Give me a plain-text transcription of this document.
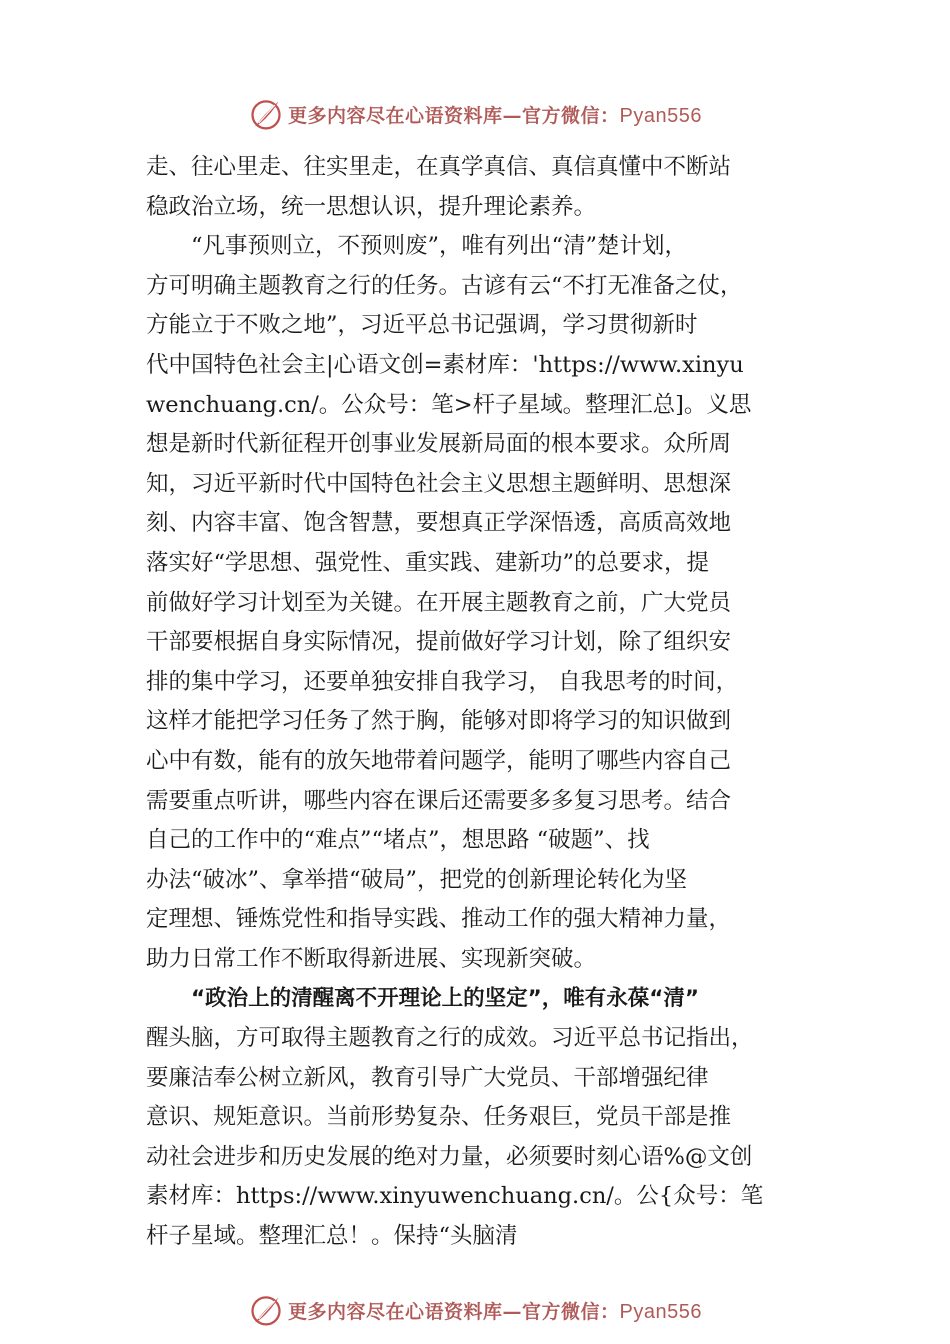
更多内容尽在心语资料库—官方微信：Pyan556
走、往心里走、往实里走，在真学真信、真信真懂中不断站
稳政治立场，统一思想认识，提升理论素养。
“凡事预则立，不预则废”，唯有列出“清”楚计划，
方可明确主题教育之行的任务。古谚有云“不打无准备之仗，
方能立于不败之地”，习近平总书记强调，学习贯彻新时
代中国特色社会主|心语文创=素材库：'https://www.xinyu
wenchuang.cn/。公众号：笔>杆子星域。整理汇总]。义思
想是新时代新征程开创事业发展新局面的根本要求。众所周
知，习近平新时代中国特色社会主义思想主题鲜明、思想深
刻、内容丰富、饱含智慧，要想真正学深悟透，高质高效地
落实好“学思想、强党性、重实践、建新功”的总要求，提
前做好学习计划至为关键。在开展主题教育之前，广大党员
干部要根据自身实际情况，提前做好学习计划，除了组织安
排的集中学习，还要单独安排自我学习， 自我思考的时间，
这样才能把学习任务了然于胸，能够对即将学习的知识做到
心中有数，能有的放矢地带着问题学，能明了哪些内容自己
需要重点听讲，哪些内容在课后还需要多多复习思考。结合
自己的工作中的“难点”“堵点”，想思路 “破题”、找
办法“破冰”、拿举措“破局”，把党的创新理论转化为坚
定理想、锤炼党性和指导实践、推动工作的强大精神力量，
助力日常工作不断取得新进展、实现新突破。
“政治上的清醒离不开理论上的坚定”，唯有永葆“清”
醒头脑，方可取得主题教育之行的成效。习近平总书记指出，
要廉洁奉公树立新风，教育引导广大党员、干部增强纪律
意识、规矩意识。当前形势复杂、任务艰巨，党员干部是推
动社会进步和历史发展的绝对力量，必须要时刻心语%@文创
素材库：https://www.xinyuwenchuang.cn/。公{众号：笔
杆子星域。整理汇总！。保持“头脑清
更多内容尽在心语资料库—官方微信：Pyan556
